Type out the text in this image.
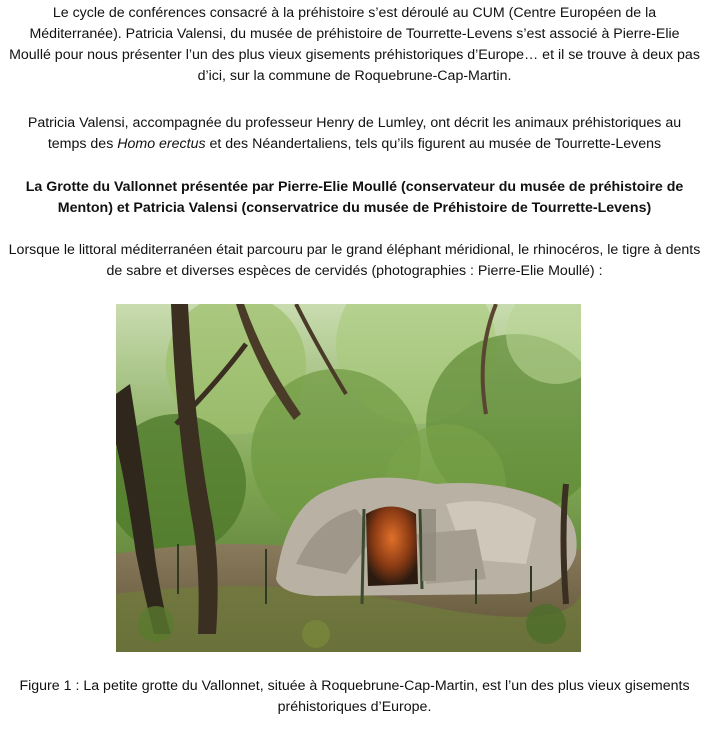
Le cycle de conférences consacré à la préhistoire s’est déroulé au CUM (Centre Européen de la Méditerranée). Patricia Valensi, du musée de préhistoire de Tourrette-Levens s’est associé à Pierre-Elie Moullé pour nous présenter l’un des plus vieux gisements préhistoriques d’Europe… et il se trouve à deux pas d’ici, sur la commune de Roquebrune-Cap-Martin.

Patricia Valensi, accompagnée du professeur Henry de Lumley, ont décrit les animaux préhistoriques au temps des Homo erectus et des Néandertaliens, tels qu’ils figurent au musée de Tourrette-Levens

La Grotte du Vallonnet présentée par Pierre-Elie Moullé (conservateur du musée de préhistoire de Menton) et Patricia Valensi (conservatrice du musée de Préhistoire de Tourrette-Levens)

Lorsque le littoral méditerranéen était parcouru par le grand éléphant méridional, le rhinocéros, le tigre à dents de sabre et diverses espèces de cervidés (photographies : Pierre-Elie Moullé) :

Figure 1 : La petite grotte du Vallonnet, située à Roquebrune-Cap-Martin, est l’un des plus vieux gisements préhistoriques d’Europe.
